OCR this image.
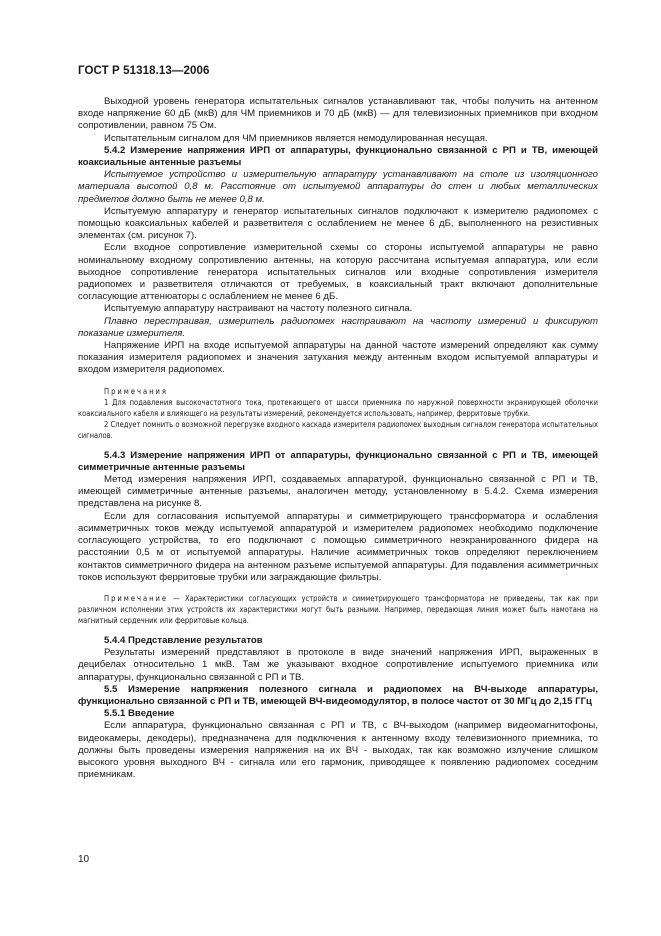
ГОСТ Р 51318.13—2006

Выходной уровень генератора испытательных сигналов устанавливают так, чтобы получить на антенном входе напряжение 60 дБ (мкВ) для ЧМ приемников и 70 дБ (мкВ) — для телевизионных приемников при входном сопротивлении, равном 75 Ом.

Испытательным сигналом для ЧМ приемников является немодулированная несущая.

5.4.2 Измерение напряжения ИРП от аппаратуры, функционально связанной с РП и ТВ, имеющей коаксиальные антенные разъемы

Испытуемое устройство и измерительную аппаратуру устанавливают на столе из изоляционного материала высотой 0,8 м. Расстояние от испытуемой аппаратуры до стен и любых металлических предметов должно быть не менее 0,8 м.

Испытуемую аппаратуру и генератор испытательных сигналов подключают к измерителю радиопомех с помощью коаксиальных кабелей и разветвителя с ослаблением не менее 6 дБ, выполненного на резистивных элементах (см. рисунок 7).

Если входное сопротивление измерительной схемы со стороны испытуемой аппаратуры не равно номинальному входному сопротивлению антенны, на которую рассчитана испытуемая аппаратура, или если выходное сопротивление генератора испытательных сигналов или входные сопротивления измерителя радиопомех и разветвителя отличаются от требуемых, в коаксиальный тракт включают дополнительные согласующие аттенюаторы с ослаблением не менее 6 дБ.

Испытуемую аппаратуру настраивают на частоту полезного сигнала.

Плавно перестраивая, измеритель радиопомех настраивают на частоту измерений и фиксируют показание измерителя.

Напряжение ИРП на входе испытуемой аппаратуры на данной частоте измерений определяют как сумму показания измерителя радиопомех и значения затухания между антенным входом испытуемой аппаратуры и входом измерителя радиопомех.

Примечания

1 Для подавления высокочастотного тока, протекающего от шасси приемника по наружной поверхности экранирующей оболочки коаксиального кабеля и влияющего на результаты измерений, рекомендуется использовать, например, ферритовые трубки.

2 Следует помнить о возможной перегрузке входного каскада измерителя радиопомех выходным сигналом генератора испытательных сигналов.

5.4.3 Измерение напряжения ИРП от аппаратуры, функционально связанной с РП и ТВ, имеющей симметричные антенные разъемы

Метод измерения напряжения ИРП, создаваемых аппаратурой, функционально связанной с РП и ТВ, имеющей симметричные антенные разъемы, аналогичен методу, установленному в 5.4.2. Схема измерения представлена на рисунке 8.

Если для согласования испытуемой аппаратуры и симметрирующего трансформатора и ослабления асимметричных токов между испытуемой аппаратурой и измерителем радиопомех необходимо подключение согласующего устройства, то его подключают с помощью симметричного неэкранированного фидера на расстоянии 0,5 м от испытуемой аппаратуры. Наличие асимметричных токов определяют переключением контактов симметричного фидера на антенном разъеме испытуемой аппаратуры. Для подавления асимметричных токов используют ферритовые трубки или заграждающие фильтры.

Примечание — Характеристики согласующих устройств и симметрирующего трансформатора не приведены, так как при различном исполнении этих устройств их характеристики могут быть разными. Например, передающая линия может быть намотана на магнитный сердечник или ферритовые кольца.

5.4.4 Представление результатов

Результаты измерений представляют в протоколе в виде значений напряжения ИРП, выраженных в децибелах относительно 1 мкВ. Там же указывают входное сопротивление испытуемого приемника или аппаратуры, функционально связанной с РП и ТВ.

5.5 Измерение напряжения полезного сигнала и радиопомех на ВЧ-выходе аппаратуры, функционально связанной с РП и ТВ, имеющей ВЧ-видеомодулятор, в полосе частот от 30 МГц до 2,15 ГГц

5.5.1 Введение

Если аппаратура, функционально связанная с РП и ТВ, с ВЧ-выходом (например видеомагнитофоны, видеокамеры, декодеры), предназначена для подключения к антенному входу телевизионного приемника, то должны быть проведены измерения напряжения на их ВЧ - выходах, так как возможно излучение слишком высокого уровня выходного ВЧ - сигнала или его гармоник, приводящее к появлению радиопомех соседним приемникам.

10
